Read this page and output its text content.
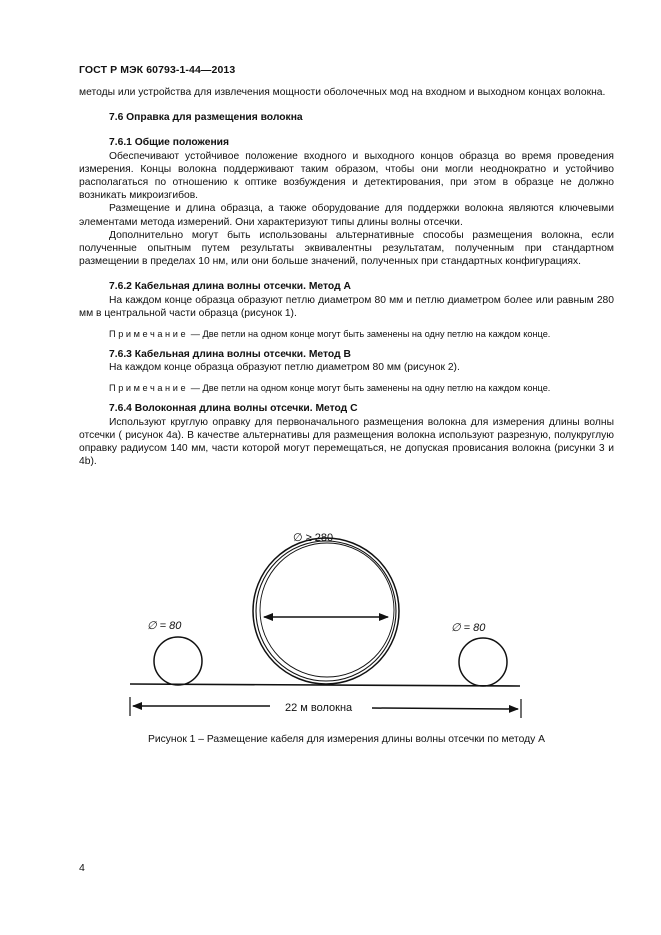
ГОСТ Р МЭК 60793-1-44—2013

методы или устройства для извлечения мощности оболочечных мод на входном и выходном концах волокна.

7.6 Оправка для размещения волокна

7.6.1 Общие положения

Обеспечивают устойчивое положение входного и выходного концов образца во время проведения измерения. Концы волокна поддерживают таким образом, чтобы они могли неоднократно и устойчиво располагаться по отношению к оптике возбуждения и детектирования, при этом в образце не должно возникать микроизгибов.

Размещение и длина образца, а также оборудование для поддержки волокна являются ключевыми элементами метода измерений. Они характеризуют типы длины волны отсечки.

Дополнительно могут быть использованы альтернативные способы размещения волокна, если полученные опытным путем результаты эквивалентны результатам, полученным при стандартном размещении в пределах 10 нм, или они больше значений, полученных при стандартных конфигурациях.

7.6.2 Кабельная длина волны отсечки. Метод А

На каждом конце образца образуют петлю диаметром 80 мм и петлю диаметром более или равным 280 мм в центральной части образца (рисунок 1).

Примечание — Две петли на одном конце могут быть заменены на одну петлю на каждом конце.

7.6.3 Кабельная длина волны отсечки. Метод В

На каждом конце образца образуют петлю диаметром 80 мм (рисунок 2).

Примечание — Две петли на одном конце могут быть заменены на одну петлю на каждом конце.

7.6.4 Волоконная длина волны отсечки. Метод С

Используют круглую оправку для первоначального размещения волокна для измерения длины волны отсечки ( рисунок 4а). В качестве альтернативы для размещения волокна используют разрезную, полукруглую оправку радиусом 140 мм, части которой могут перемещаться, не допуская провисания волокна (рисунки 3 и 4b).

∅ ≥ 280
∅ = 80	∅ = 80
22 м волокна
Рисунок 1 – Размещение кабеля для измерения длины волны отсечки по методу А
4
